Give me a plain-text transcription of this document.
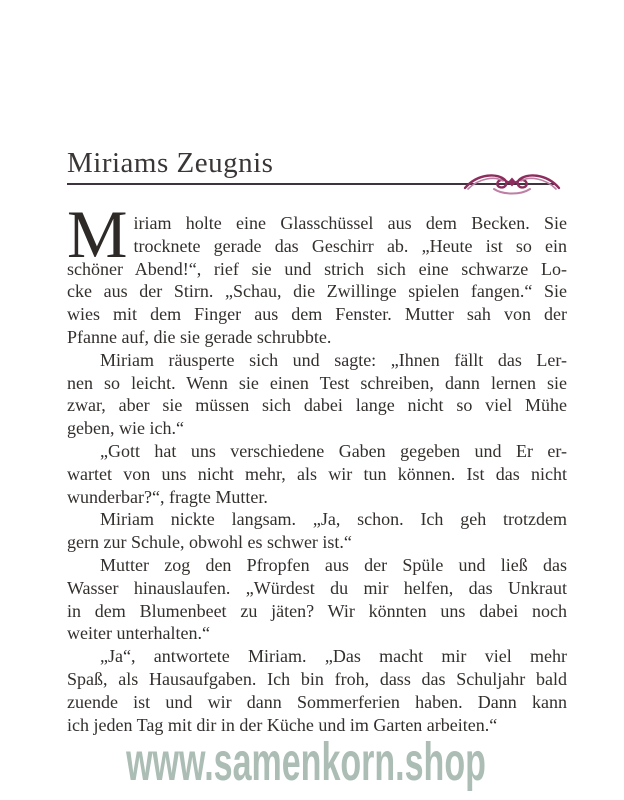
Miriams Zeugnis
M iriam holte eine Glasschüssel aus dem Becken. Sie
trocknete gerade das Geschirr ab. „Heute ist so ein
schöner Abend!“, rief sie und strich sich eine schwarze Lo-
cke aus der Stirn. „Schau, die Zwillinge spielen fangen.“ Sie
wies mit dem Finger aus dem Fenster. Mutter sah von der
Pfanne auf, die sie gerade schrubbte.
Miriam räusperte sich und sagte: „Ihnen fällt das Ler-
nen so leicht. Wenn sie einen Test schreiben, dann lernen sie
zwar, aber sie müssen sich dabei lange nicht so viel Mühe
geben, wie ich.“
„Gott hat uns verschiedene Gaben gegeben und Er er-
wartet von uns nicht mehr, als wir tun können. Ist das nicht
wunderbar?“, fragte Mutter.
Miriam nickte langsam. „Ja, schon. Ich geh trotzdem
gern zur Schule, obwohl es schwer ist.“
Mutter zog den Pfropfen aus der Spüle und ließ das
Wasser hinauslaufen. „Würdest du mir helfen, das Unkraut
in dem Blumenbeet zu jäten? Wir könnten uns dabei noch
weiter unterhalten.“
„Ja“, antwortete Miriam. „Das macht mir viel mehr
Spaß, als Hausaufgaben. Ich bin froh, dass das Schuljahr bald
zuende ist und wir dann Sommerferien haben. Dann kann
ich jeden Tag mit dir in der Küche und im Garten arbeiten.“
www.samenkorn.shop
